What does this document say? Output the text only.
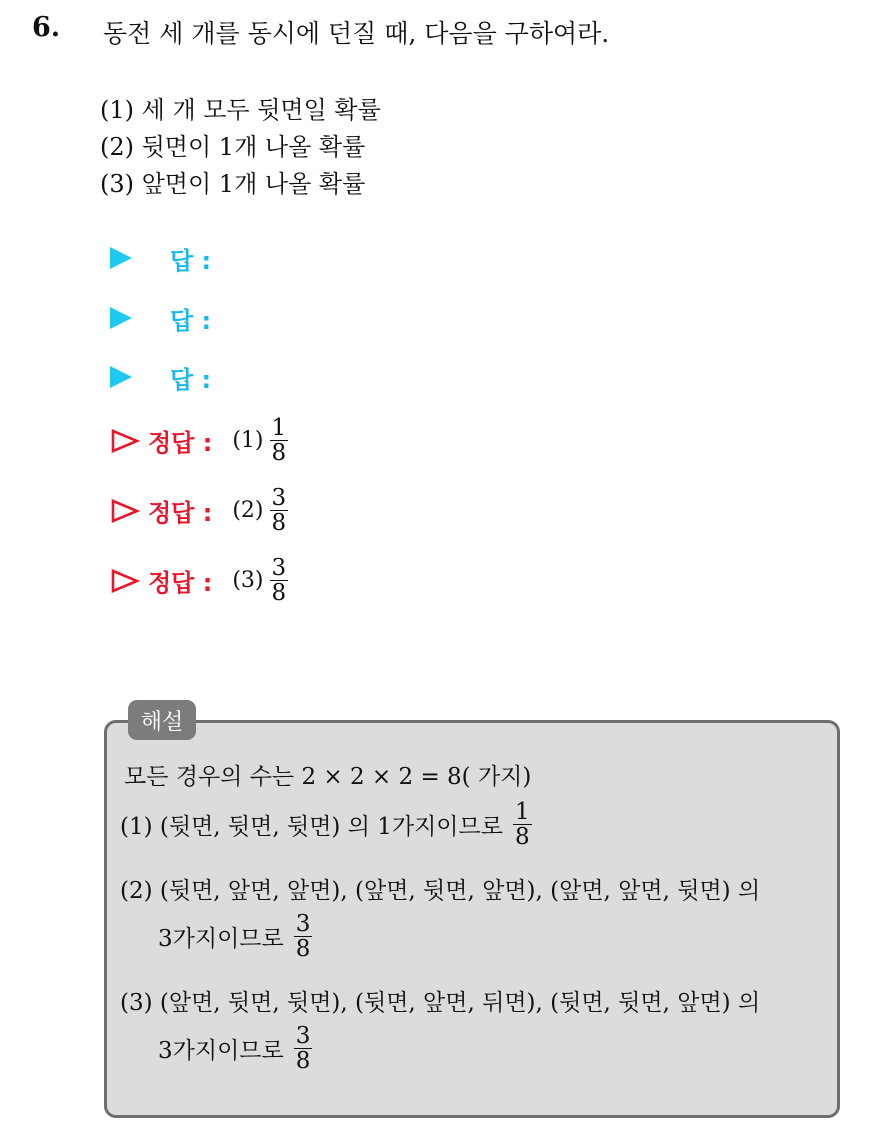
6. 동전 세 개를 동시에 던질 때, 다음을 구하여라.
(1) 세 개 모두 뒷면일 확률
(2) 뒷면이 1개 나올 확률
(3) 앞면이 1개 나올 확률
답 :
답 :
답 :
정답 : $(1) \frac{1}{8}$
정답 : $(2) \frac{3}{8}$
정답 : $(3) \frac{3}{8}$
해설
모든 경우의 수는 2 × 2 × 2 = 8( 가지)
(1) (뒷면, 뒷면, 뒷면) 의 1가지이므로 $\frac{1}{8}$
(2) (뒷면, 앞면, 앞면), (앞면, 뒷면, 앞면), (앞면, 앞면, 뒷면) 의
3가지이므로 $\frac{3}{8}$
(3) (앞면, 뒷면, 뒷면), (뒷면, 앞면, 뒤면), (뒷면, 뒷면, 앞면) 의
3가지이므로 $\frac{3}{8}$
